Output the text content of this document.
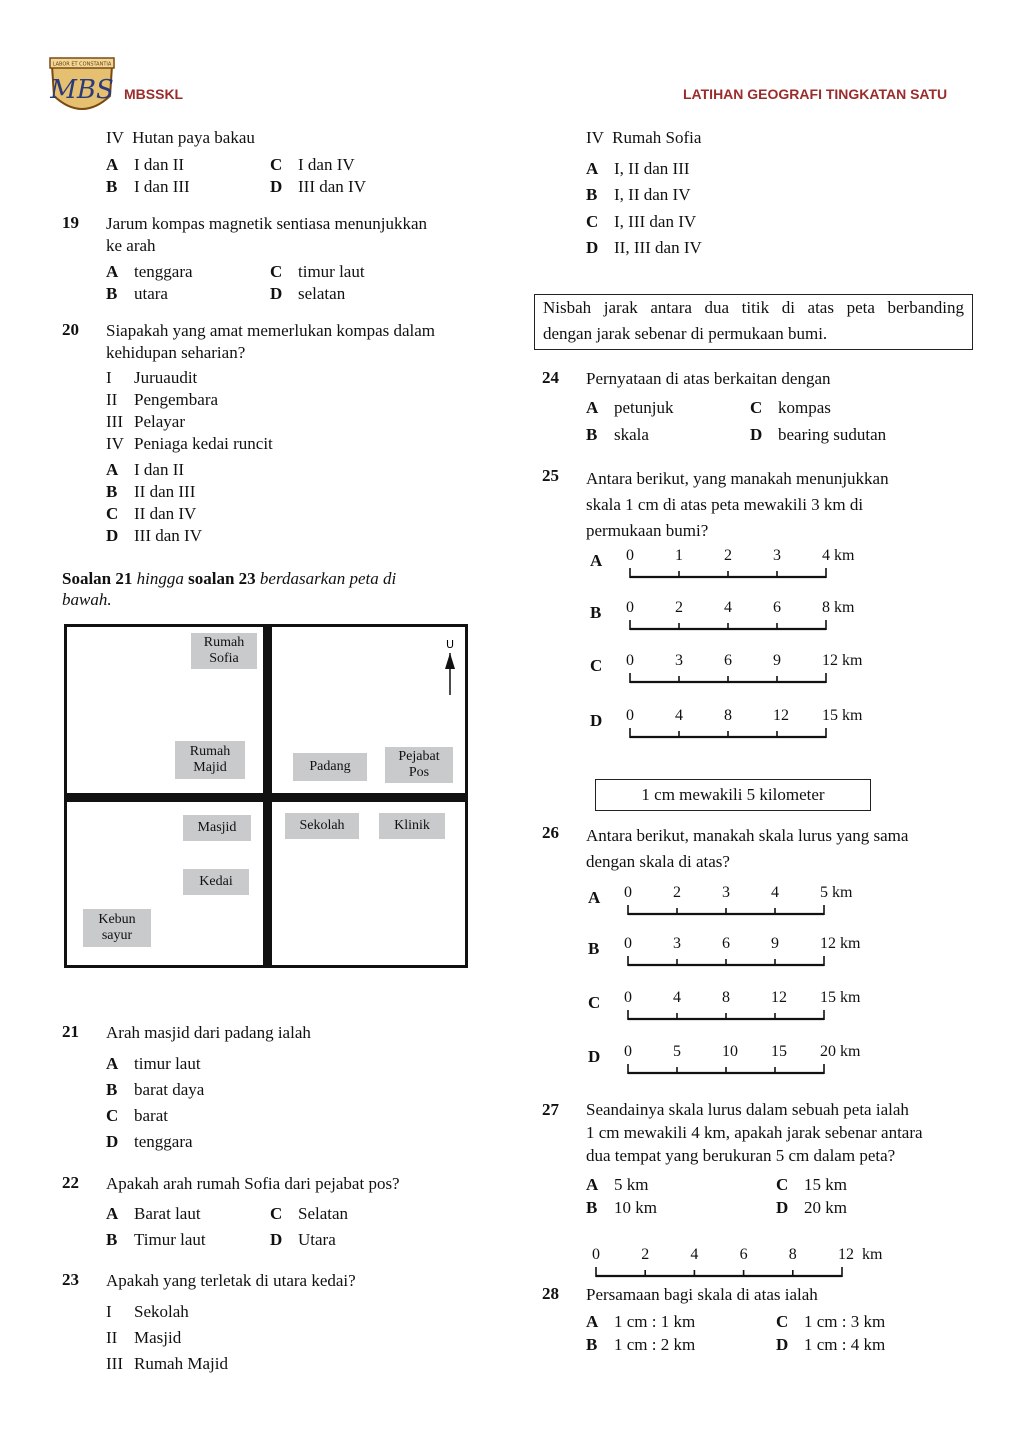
LABOR ET CONSTANTIA
MBS MBSSKL	LATIHAN GEOGRAFI TINGKATAN SATU
IV  Hutan paya bakau
A I dan II	C I dan IV
B I dan III	D III dan IV
19 Jarum kompas magnetik sentiasa menunjukkan
ke arah
A tenggara	C timur laut
B utara	D selatan
20 Siapakah yang amat memerlukan kompas dalam
kehidupan seharian?
I Juruaudit
II Pengembara
III Pelayar
IV Peniaga kedai runcit
A I dan II
B II dan III
C II dan IV
D III dan IV
Soalan 21 hingga soalan 23 berdasarkan peta di
bawah.
U
Rumah
Sofia
Rumah
Majid	Padang
Pejabat
Pos
Masjid	Sekolah	Klinik
Kedai
Kebun
sayur
21 Arah masjid dari padang ialah
A timur laut
B barat daya
C barat
D tenggara
22 Apakah arah rumah Sofia dari pejabat pos?
A Barat laut	C Selatan
B Timur laut	D Utara
23 Apakah yang terletak di utara kedai?
I Sekolah
II Masjid
III Rumah Majid
IV  Rumah Sofia
A I, II dan III
B I, II dan IV
C I, III dan IV
D II, III dan IV
Nisbah jarak antara dua titik di atas peta berbanding
dengan jarak sebenar di permukaan bumi.
24 Pernyataan di atas berkaitan dengan
A petunjuk	C kompas
B skala	D bearing sudutan
25 Antara berikut, yang manakah menunjukkan
skala 1 cm di atas peta mewakili 3 km di
permukaan bumi?
A 0	1	2	3	4 km
B 0	2	4	6	8 km
C 0	3	6	9	12 km
D 0	4	8	12 15 km
1 cm mewakili 5 kilometer
26 Antara berikut, manakah skala lurus yang sama
dengan skala di atas?
A 0	2	3	4	5 km
B 0	3	6	9	12 km
C 0	4	8	12 15 km
D 0	5	10 15 20 km
27 Seandainya skala lurus dalam sebuah peta ialah
1 cm mewakili 4 km, apakah jarak sebenar antara
dua tempat yang berukuran 5 cm dalam peta?
A 5 km	C 15 km
B 10 km	D 20 km
0	2	4	6	8	12  km
28 Persamaan bagi skala di atas ialah
A 1 cm : 1 km	C 1 cm : 3 km
B 1 cm : 2 km	D 1 cm : 4 km
